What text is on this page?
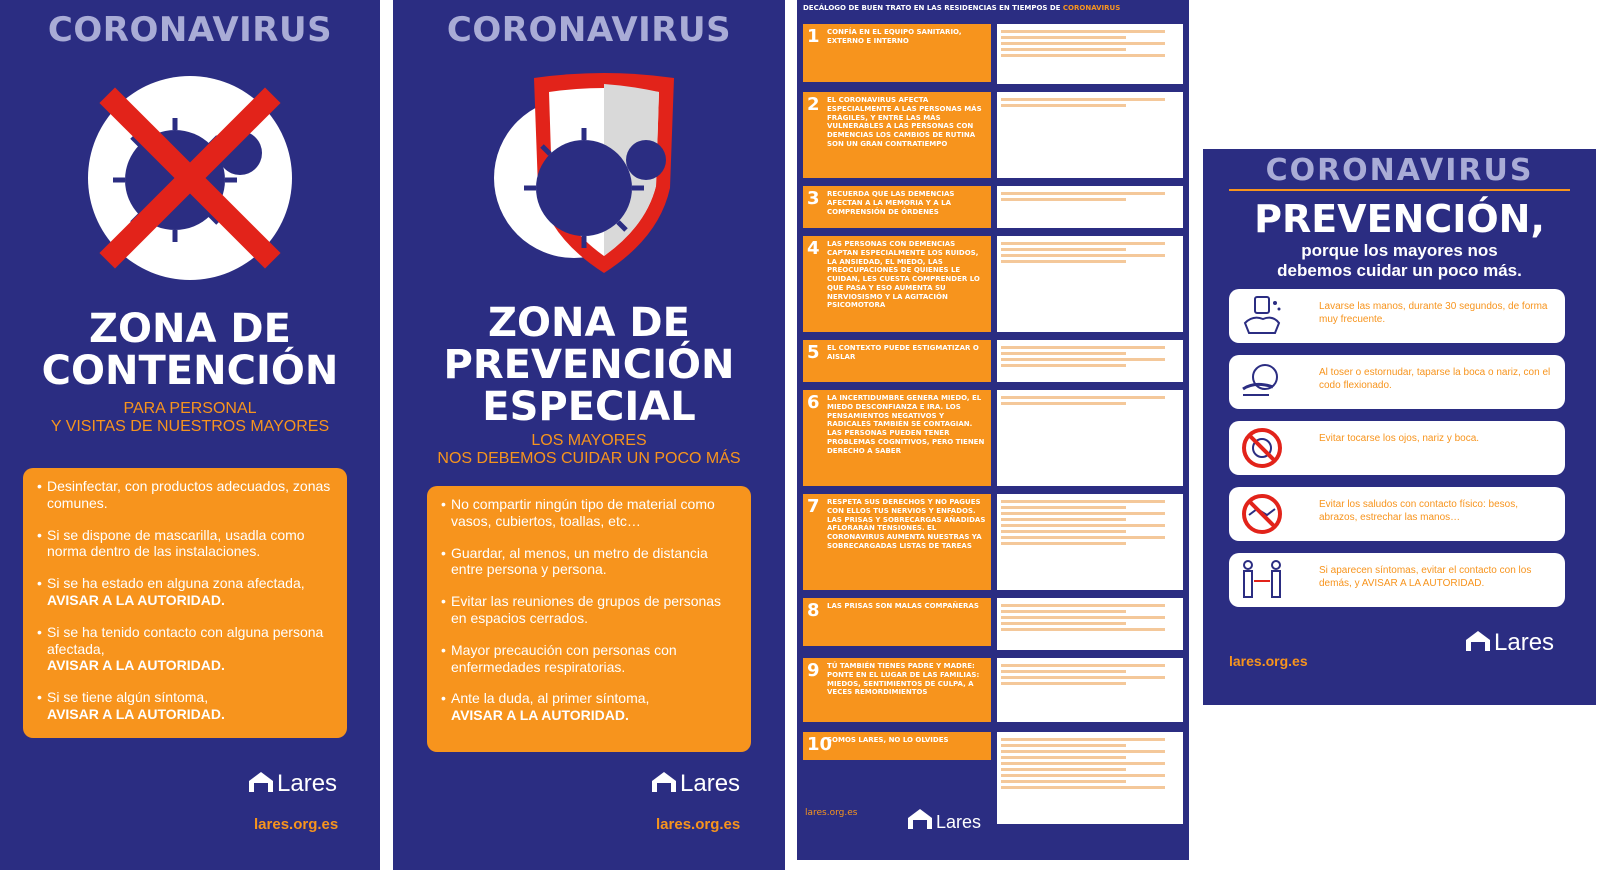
CORONAVIRUS
ZONA DE
CONTENCIÓN
PARA PERSONAL
Y VISITAS DE NUESTROS MAYORES
• Desinfectar, con productos adecuados, zonas comunes.
• Si se dispone de mascarilla, usadla como norma dentro de las instalaciones.
• Si se ha estado en alguna zona afectada,
AVISAR A LA AUTORIDAD.
• Si se ha tenido contacto con alguna persona afectada,
AVISAR A LA AUTORIDAD.
• Si se tiene algún síntoma,
AVISAR A LA AUTORIDAD.
Lares
lares.org.es
CORONAVIRUS
ZONA DE
PREVENCIÓN
ESPECIAL
LOS MAYORES
NOS DEBEMOS CUIDAR UN POCO MÁS
• No compartir ningún tipo de material como vasos, cubiertos, toallas, etc…
• Guardar, al menos, un metro de distancia entre persona y persona.
• Evitar las reuniones de grupos de personas en espacios cerrados.
• Mayor precaución con personas con enfermedades respiratorias.
• Ante la duda, al primer síntoma,
AVISAR A LA AUTORIDAD.
Lares
lares.org.es
DECÁLOGO DE BUEN TRATO EN LAS RESIDENCIAS EN TIEMPOS DE CORONAVIRUS
1 CONFÍA EN EL EQUIPO SANITARIO, EXTERNO E INTERNO
2 EL CORONAVIRUS AFECTA ESPECIALMENTE A LAS PERSONAS MÁS FRÁGILES, Y ENTRE LAS MÁS VULNERABLES A LAS PERSONAS CON DEMENCIAS LOS CAMBIOS DE RUTINA SON UN GRAN CONTRATIEMPO
3 RECUERDA QUE LAS DEMENCIAS AFECTAN A LA MEMORIA Y A LA COMPRENSIÓN DE ÓRDENES
4 LAS PERSONAS CON DEMENCIAS CAPTAN ESPECIALMENTE LOS RUIDOS, LA ANSIEDAD, EL MIEDO, LAS PREOCUPACIONES DE QUIENES LE CUIDAN, LES CUESTA COMPRENDER LO QUE PASA Y ESO AUMENTA SU NERVIOSISMO Y LA AGITACIÓN PSICOMOTORA
5 EL CONTEXTO PUEDE ESTIGMATIZAR O AISLAR
6 LA INCERTIDUMBRE GENERA MIEDO, EL MIEDO DESCONFIANZA E IRA. LOS PENSAMIENTOS NEGATIVOS Y RADICALES TAMBIÉN SE CONTAGIAN. LAS PERSONAS PUEDEN TENER PROBLEMAS COGNITIVOS, PERO TIENEN DERECHO A SABER
7 RESPETA SUS DERECHOS Y NO PAGUES CON ELLOS TUS NERVIOS Y ENFADOS. LAS PRISAS Y SOBRECARGAS AÑADIDAS AFLORARÁN TENSIONES. EL CORONAVIRUS AUMENTA NUESTRAS YA SOBRECARGADAS LISTAS DE TAREAS
8 LAS PRISAS SON MALAS COMPAÑERAS
9 TÚ TAMBIÉN TIENES PADRE Y MADRE: PONTE EN EL LUGAR DE LAS FAMILIAS: MIEDOS, SENTIMIENTOS DE CULPA, A VECES REMORDIMIENTOS
10
SOMOS LARES, NO LO OLVIDES
lares.org.es	Lares
CORONAVIRUS
PREVENCIÓN,
porque los mayores nos
debemos cuidar un poco más.
Lavarse las manos, durante 30 segundos, de forma muy frecuente.
Al toser o estornudar, taparse la boca o nariz, con el codo flexionado.
Evitar tocarse los ojos, nariz y boca.
Evitar los saludos con contacto físico: besos, abrazos, estrechar las manos…
Si aparecen síntomas, evitar el contacto con los demás, y AVISAR A LA AUTORIDAD.
lares.org.es
Lares
